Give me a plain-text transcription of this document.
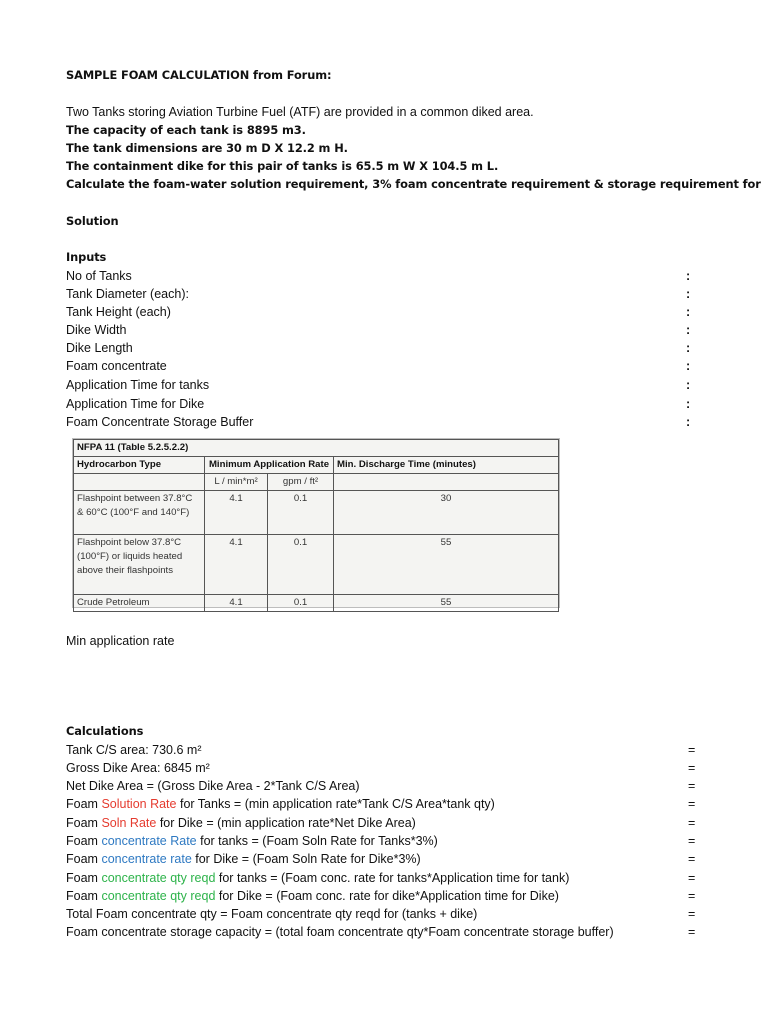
SAMPLE FOAM CALCULATION from Forum:
Two Tanks storing Aviation Turbine Fuel (ATF) are provided in a common diked area.
The capacity of each tank is 8895 m3.
The tank dimensions are 30 m D X 12.2 m H.
The containment dike for this pair of tanks is 65.5 m W X 104.5 m L.
Calculate the foam-water solution requirement, 3% foam concentrate requirement & storage requirement for
Solution
Inputs
No of Tanks	:
Tank Diameter (each):	:
Tank Height (each)	:
Dike Width	:
Dike Length	:
Foam concentrate	:
Application Time for tanks	:
Application Time for Dike	:
Foam Concentrate Storage Buffer	:
NFPA 11 (Table 5.2.5.2.2)			
Hydrocarbon Type	Minimum Application Rate		Min. Discharge Time (minutes)
	L / min*m²	gpm / ft²	
Flashpoint between 37.8°C & 60°C (100°F and 140°F)	4.1	0.1	30
Flashpoint below 37.8°C (100°F) or liquids heated above their flashpoints	4.1	0.1	55
Crude Petroleum	4.1	0.1	55
Min application rate
Calculations
Tank C/S area: 730.6 m²	=
Gross Dike Area: 6845 m²	=
Net Dike Area = (Gross Dike Area - 2*Tank C/S Area)	=
Foam Solution Rate for Tanks = (min application rate*Tank C/S Area*tank qty)	=
Foam Soln Rate for Dike = (min application rate*Net Dike Area)	=
Foam concentrate Rate for tanks = (Foam Soln Rate for Tanks*3%)	=
Foam concentrate rate for Dike = (Foam Soln Rate for Dike*3%)	=
Foam concentrate qty reqd for tanks = (Foam conc. rate for tanks*Application time for tank)	=
Foam concentrate qty reqd for Dike = (Foam conc. rate for dike*Application time for Dike)	=
Total Foam concentrate qty = Foam concentrate qty reqd for (tanks + dike)	=
Foam concentrate storage capacity = (total foam concentrate qty*Foam concentrate storage buffer)	=
